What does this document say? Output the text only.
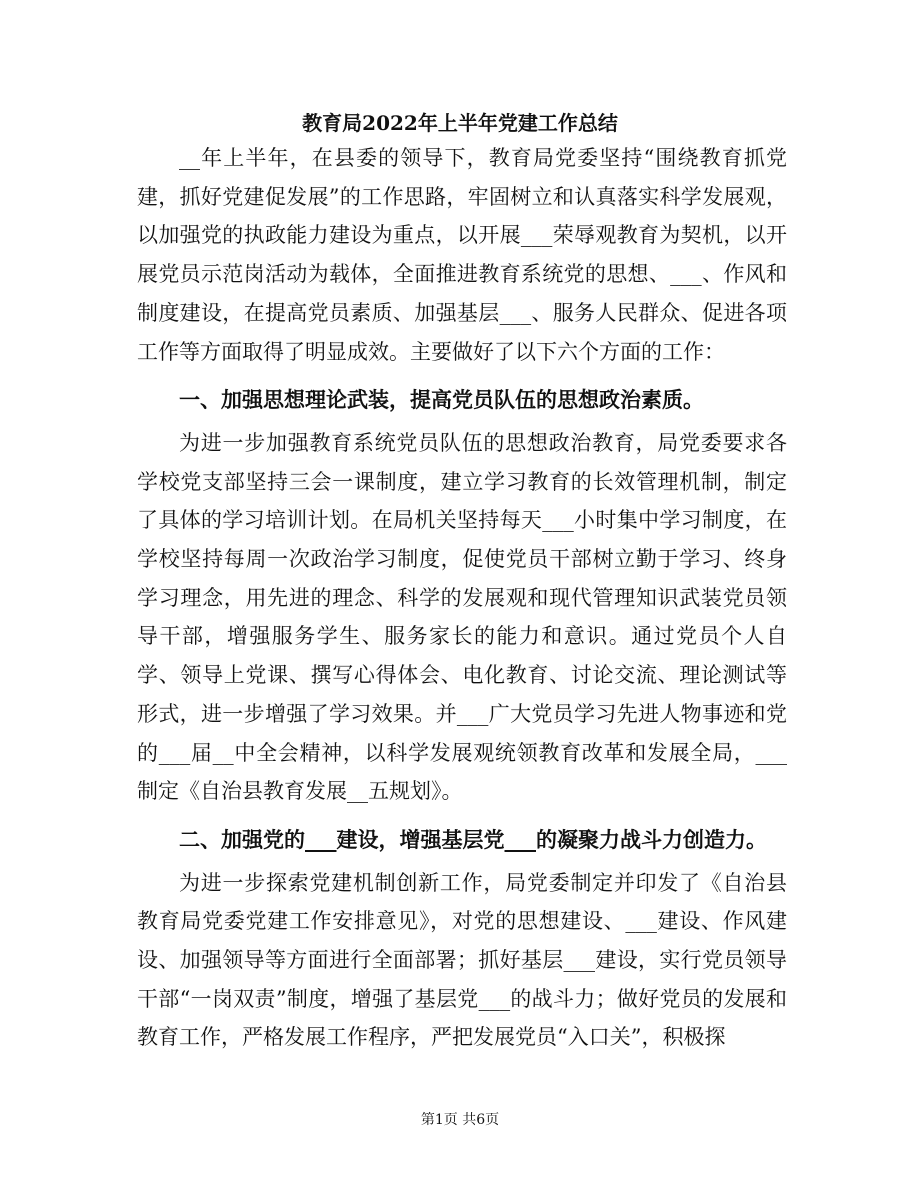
教育局2022年上半年党建工作总结

__年上半年，在县委的领导下，教育局党委坚持“围绕教育抓党建，抓好党建促发展”的工作思路，牢固树立和认真落实科学发展观，以加强党的执政能力建设为重点，以开展___荣辱观教育为契机，以开展党员示范岗活动为载体，全面推进教育系统党的思想、___、作风和制度建设，在提高党员素质、加强基层___、服务人民群众、促进各项工作等方面取得了明显成效。主要做好了以下六个方面的工作：

一、加强思想理论武装，提高党员队伍的思想政治素质。

为进一步加强教育系统党员队伍的思想政治教育，局党委要求各学校党支部坚持三会一课制度，建立学习教育的长效管理机制，制定了具体的学习培训计划。在局机关坚持每天___小时集中学习制度，在学校坚持每周一次政治学习制度，促使党员干部树立勤于学习、终身学习理念，用先进的理念、科学的发展观和现代管理知识武装党员领导干部，增强服务学生、服务家长的能力和意识。通过党员个人自学、领导上党课、撰写心得体会、电化教育、讨论交流、理论测试等形式，进一步增强了学习效果。并___广大党员学习先进人物事迹和党的___届__中全会精神，以科学发展观统领教育改革和发展全局，___制定《自治县教育发展__五规划》。

二、加强党的___建设，增强基层党___的凝聚力战斗力创造力。

为进一步探索党建机制创新工作，局党委制定并印发了《自治县教育局党委党建工作安排意见》，对党的思想建设、___建设、作风建设、加强领导等方面进行全面部署；抓好基层___建设，实行党员领导干部“一岗双责”制度，增强了基层党___的战斗力；做好党员的发展和教育工作，严格发展工作程序，严把发展党员“入口关”，积极探

第1页 共6页
